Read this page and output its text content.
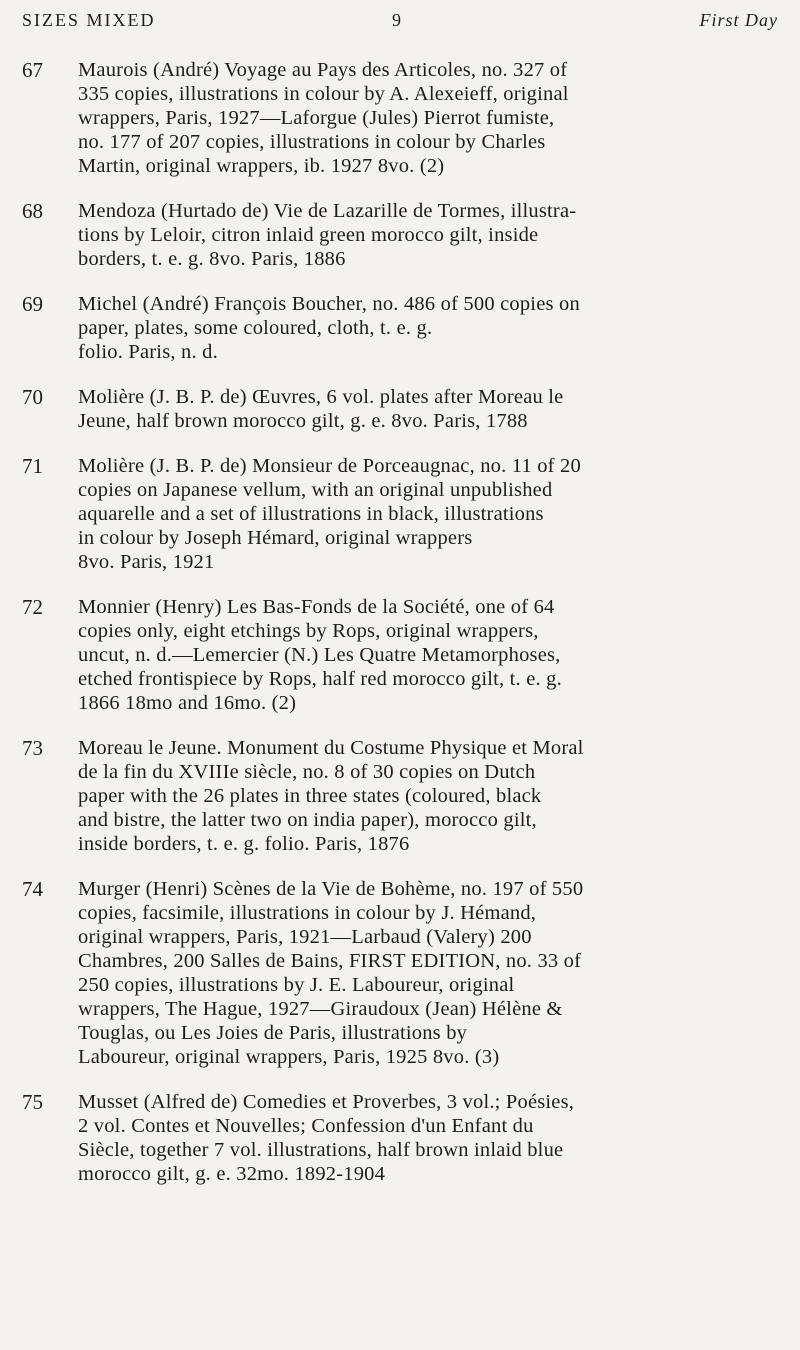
SIZES MIXED	9	First Day
67	Maurois (André) Voyage au Pays des Articoles, no. 327 of
335 copies, illustrations in colour by A. Alexeieff, original
wrappers, Paris, 1927—Laforgue (Jules) Pierrot fumiste,
no. 177 of 207 copies, illustrations in colour by Charles
Martin, original wrappers, ib. 1927 8vo. (2)
68	Mendoza (Hurtado de) Vie de Lazarille de Tormes, illustra-
tions by Leloir, citron inlaid green morocco gilt, inside
borders, t. e. g. 8vo. Paris, 1886
69	Michel (André) François Boucher, no. 486 of 500 copies on
paper, plates, some coloured, cloth, t. e. g.
folio. Paris, n. d.
70	Molière (J. B. P. de) Œuvres, 6 vol. plates after Moreau le
Jeune, half brown morocco gilt, g. e. 8vo. Paris, 1788
71	Molière (J. B. P. de) Monsieur de Porceaugnac, no. 11 of 20
copies on Japanese vellum, with an original unpublished
aquarelle and a set of illustrations in black, illustrations
in colour by Joseph Hémard, original wrappers
8vo. Paris, 1921
72	Monnier (Henry) Les Bas-Fonds de la Société, one of 64
copies only, eight etchings by Rops, original wrappers,
uncut, n. d.—Lemercier (N.) Les Quatre Metamorphoses,
etched frontispiece by Rops, half red morocco gilt, t. e. g.
1866 18mo and 16mo. (2)
73	Moreau le Jeune. Monument du Costume Physique et Moral
de la fin du XVIIIe siècle, no. 8 of 30 copies on Dutch
paper with the 26 plates in three states (coloured, black
and bistre, the latter two on india paper), morocco gilt,
inside borders, t. e. g. folio. Paris, 1876
74	Murger (Henri) Scènes de la Vie de Bohème, no. 197 of 550
copies, facsimile, illustrations in colour by J. Hémand,
original wrappers, Paris, 1921—Larbaud (Valery) 200
Chambres, 200 Salles de Bains, FIRST EDITION, no. 33 of
250 copies, illustrations by J. E. Laboureur, original
wrappers, The Hague, 1927—Giraudoux (Jean) Hélène &
Touglas, ou Les Joies de Paris, illustrations by
Laboureur, original wrappers, Paris, 1925 8vo. (3)
75	Musset (Alfred de) Comedies et Proverbes, 3 vol.; Poésies,
2 vol. Contes et Nouvelles; Confession d'un Enfant du
Siècle, together 7 vol. illustrations, half brown inlaid blue
morocco gilt, g. e. 32mo. 1892-1904
